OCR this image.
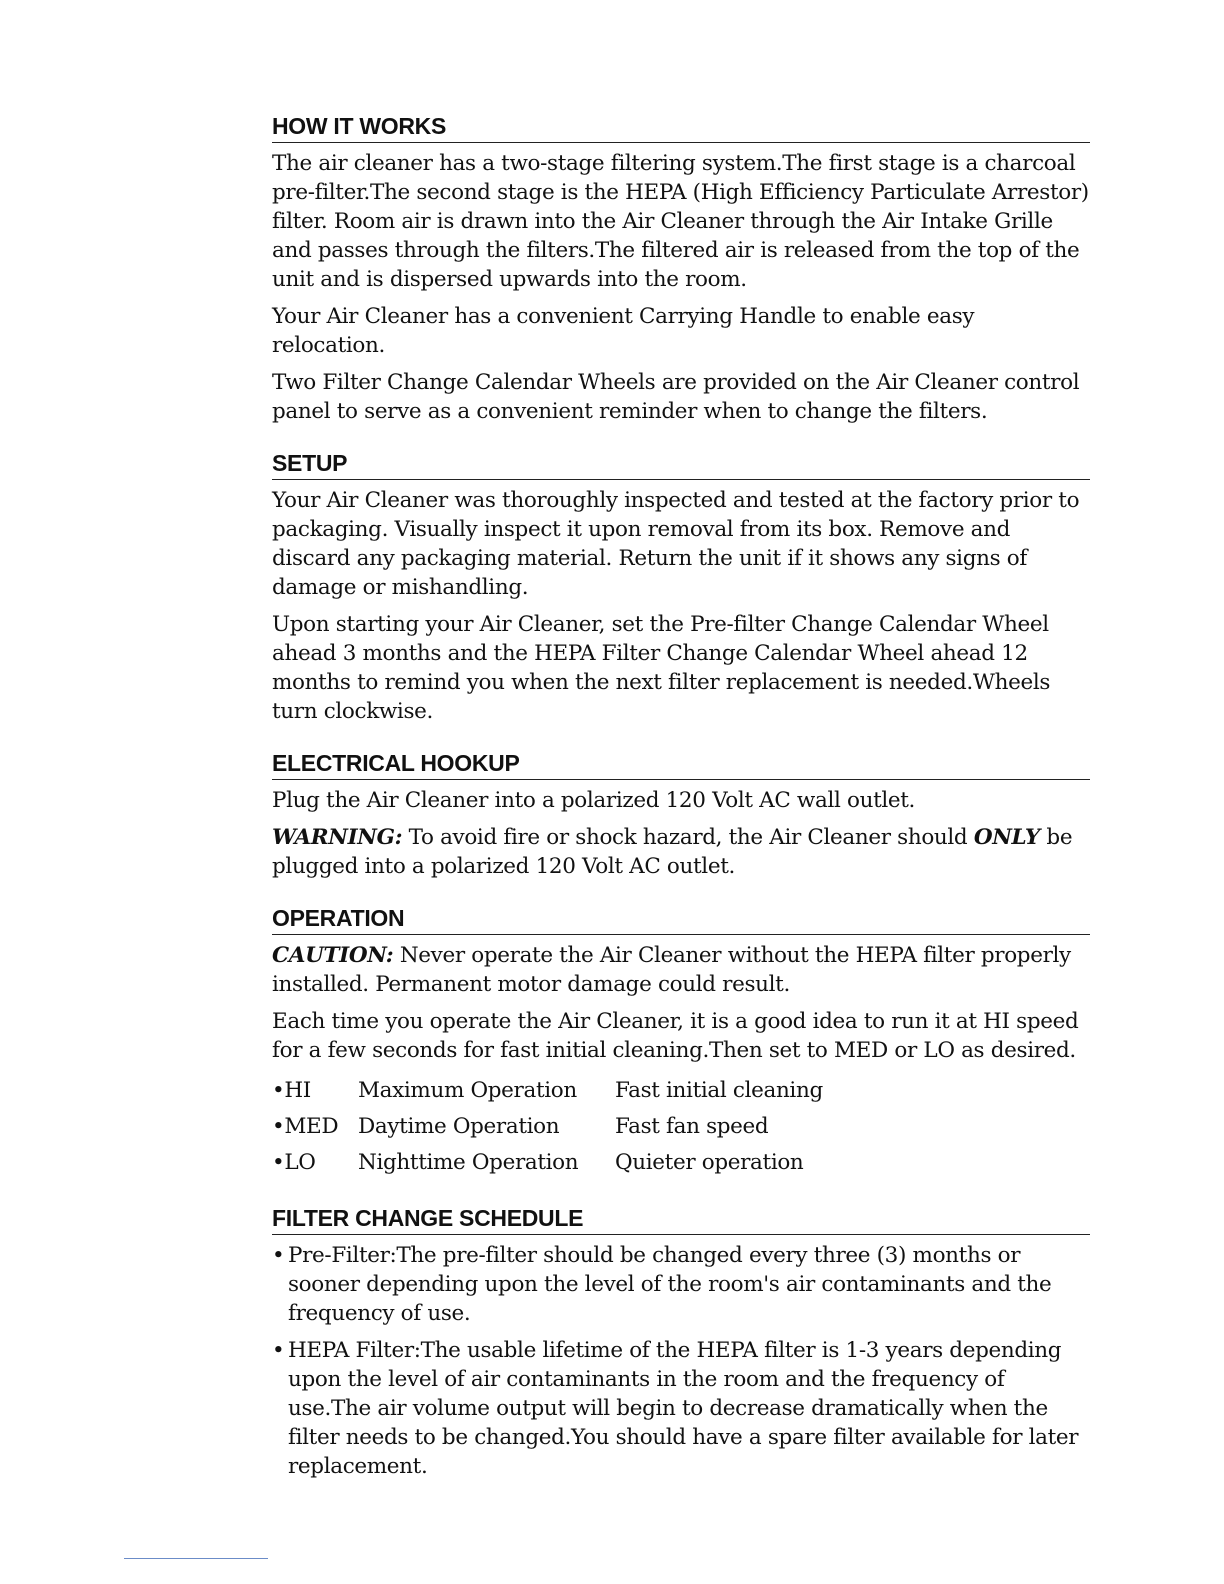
HOW IT WORKS

The air cleaner has a two-stage filtering system.The first stage is a charcoal pre-filter.The second stage is the HEPA (High Efficiency Particulate Arrestor) filter. Room air is drawn into the Air Cleaner through the Air Intake Grille and passes through the filters.The filtered air is released from the top of the unit and is dispersed upwards into the room.

Your Air Cleaner has a convenient Carrying Handle to enable easy relocation.

Two Filter Change Calendar Wheels are provided on the Air Cleaner control panel to serve as a convenient reminder when to change the filters.

SETUP

Your Air Cleaner was thoroughly inspected and tested at the factory prior to packaging. Visually inspect it upon removal from its box. Remove and discard any packaging material. Return the unit if it shows any signs of damage or mishandling.

Upon starting your Air Cleaner, set the Pre-filter Change Calendar Wheel ahead 3 months and the HEPA Filter Change Calendar Wheel ahead 12 months to remind you when the next filter replacement is needed.Wheels turn clockwise.

ELECTRICAL HOOKUP

Plug the Air Cleaner into a polarized 120 Volt AC wall outlet.

WARNING: To avoid fire or shock hazard, the Air Cleaner should ONLY be plugged into a polarized 120 Volt AC outlet.

OPERATION

CAUTION: Never operate the Air Cleaner without the HEPA filter properly installed. Permanent motor damage could result.

Each time you operate the Air Cleaner, it is a good idea to run it at HI speed for a few seconds for fast initial cleaning.Then set to MED or LO as desired.

•HI	Maximum Operation	Fast initial cleaning
•MED	Daytime Operation	Fast fan speed
•LO	Nighttime Operation	Quieter operation
FILTER CHANGE SCHEDULE
• Pre-Filter:The pre-filter should be changed every three (3) months or sooner depending upon the level of the room's air contaminants and the frequency of use.
• HEPA Filter:The usable lifetime of the HEPA filter is 1-3 years depending upon the level of air contaminants in the room and the frequency of use.The air volume output will begin to decrease dramatically when the filter needs to be changed.You should have a spare filter available for later replacement.
